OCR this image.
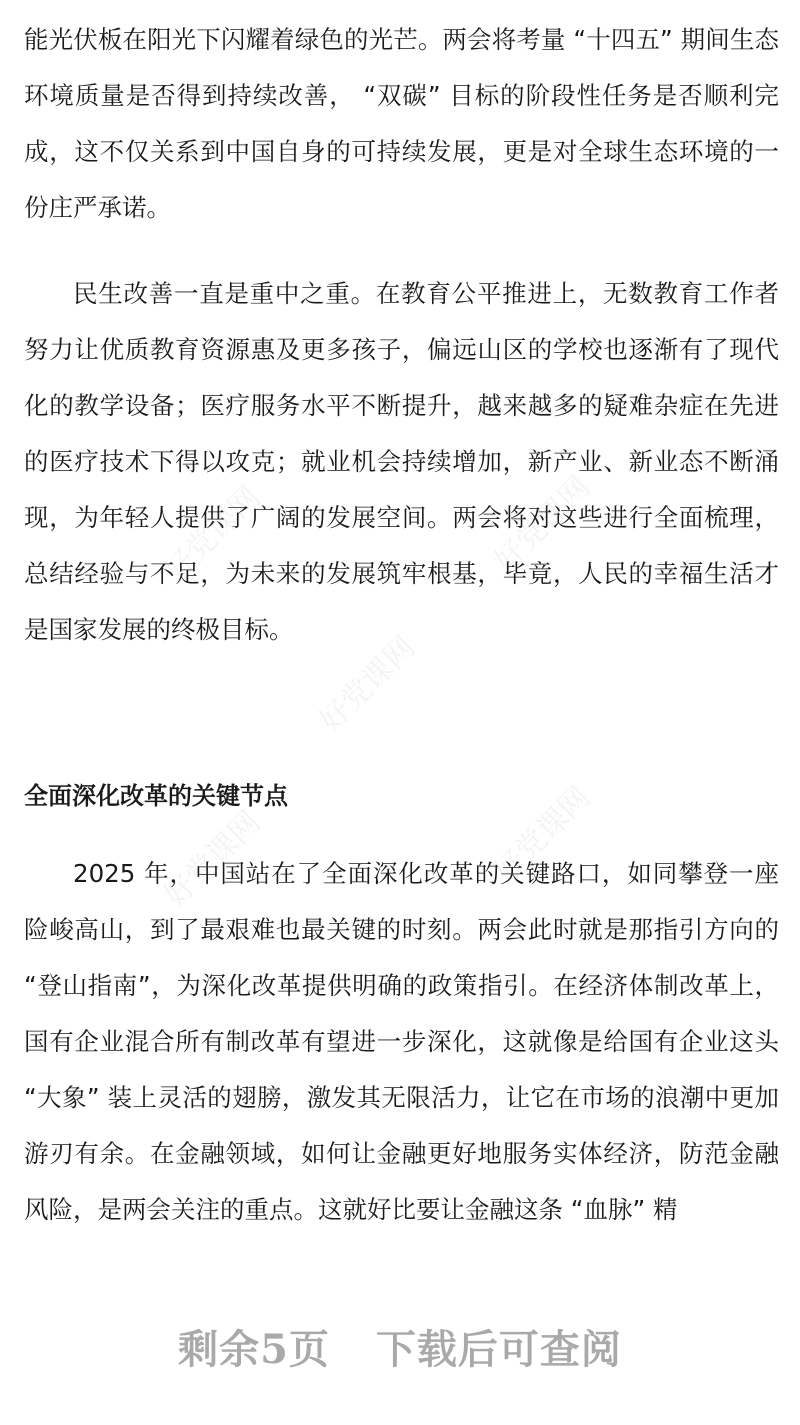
能光伏板在阳光下闪耀着绿色的光芒。两会将考量 “十四五” 期间生态环境质量是否得到持续改善， “双碳” 目标的阶段性任务是否顺利完成，这不仅关系到中国自身的可持续发展，更是对全球生态环境的一份庄严承诺。

民生改善一直是重中之重。在教育公平推进上，无数教育工作者努力让优质教育资源惠及更多孩子，偏远山区的学校也逐渐有了现代化的教学设备；医疗服务水平不断提升，越来越多的疑难杂症在先进的医疗技术下得以攻克；就业机会持续增加，新产业、新业态不断涌现，为年轻人提供了广阔的发展空间。两会将对这些进行全面梳理，总结经验与不足，为未来的发展筑牢根基，毕竟，人民的幸福生活才是国家发展的终极目标。

全面深化改革的关键节点

2025 年，中国站在了全面深化改革的关键路口，如同攀登一座险峻高山，到了最艰难也最关键的时刻。两会此时就是那指引方向的 “登山指南”，为深化改革提供明确的政策指引。在经济体制改革上，国有企业混合所有制改革有望进一步深化，这就像是给国有企业这头 “大象” 装上灵活的翅膀，激发其无限活力，让它在市场的浪潮中更加游刃有余。在金融领域，如何让金融更好地服务实体经济，防范金融风险，是两会关注的重点。这就好比要让金融这条 “血脉” 精

好党课网	好党课网
好党课网
好党课网	好党课网
剩余5页 下载后可查阅
